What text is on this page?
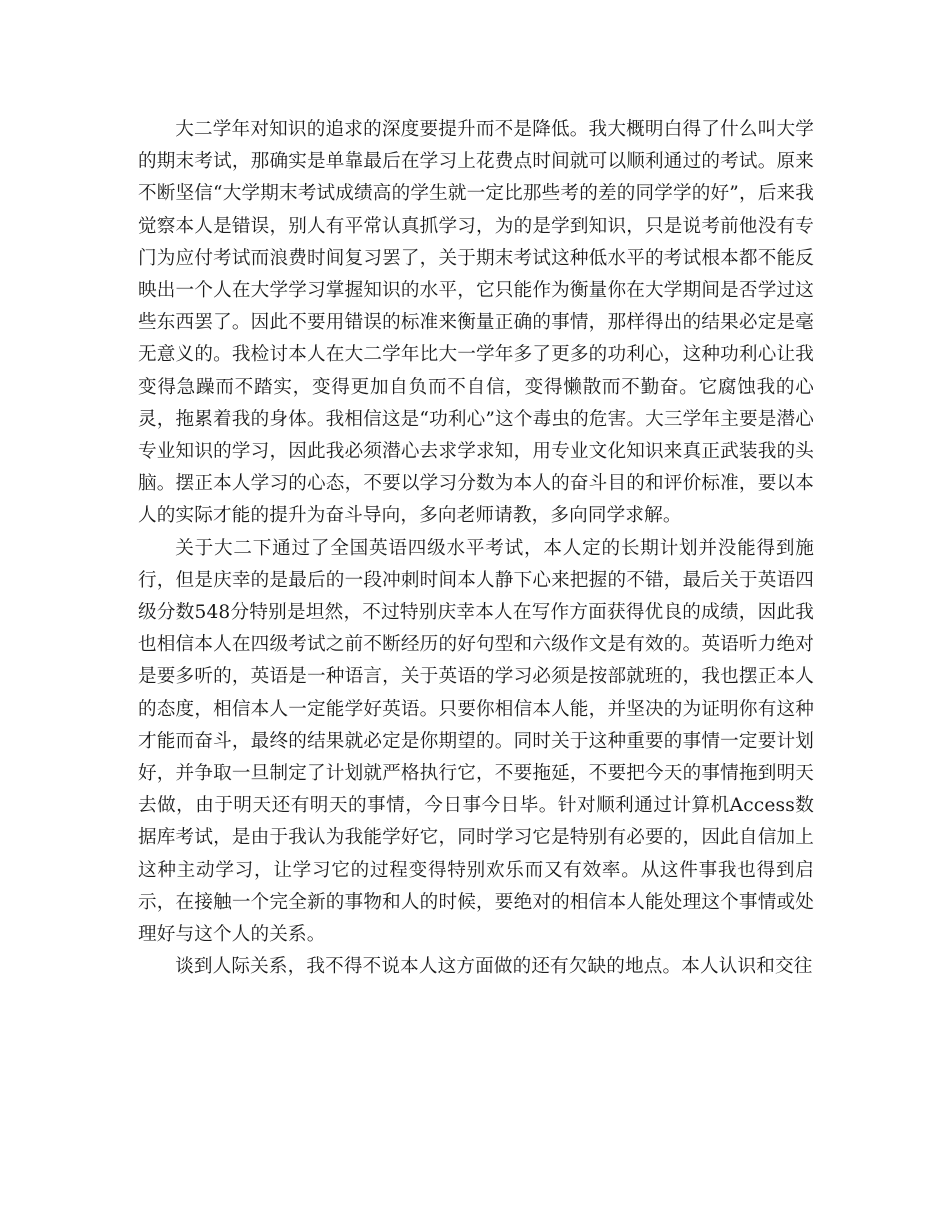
大二学年对知识的追求的深度要提升而不是降低。我大概明白得了什么叫大学的期末考试，那确实是单靠最后在学习上花费点时间就可以顺利通过的考试。原来不断坚信“大学期末考试成绩高的学生就一定比那些考的差的同学学的好”，后来我觉察本人是错误，别人有平常认真抓学习，为的是学到知识，只是说考前他没有专门为应付考试而浪费时间复习罢了，关于期末考试这种低水平的考试根本都不能反映出一个人在大学学习掌握知识的水平，它只能作为衡量你在大学期间是否学过这些东西罢了。因此不要用错误的标准来衡量正确的事情，那样得出的结果必定是毫无意义的。我检讨本人在大二学年比大一学年多了更多的功利心，这种功利心让我变得急躁而不踏实，变得更加自负而不自信，变得懒散而不勤奋。它腐蚀我的心灵，拖累着我的身体。我相信这是“功利心”这个毒虫的危害。大三学年主要是潜心专业知识的学习，因此我必须潜心去求学求知，用专业文化知识来真正武装我的头脑。摆正本人学习的心态，不要以学习分数为本人的奋斗目的和评价标准，要以本人的实际才能的提升为奋斗导向，多向老师请教，多向同学求解。

关于大二下通过了全国英语四级水平考试，本人定的长期计划并没能得到施行，但是庆幸的是最后的一段冲刺时间本人静下心来把握的不错，最后关于英语四级分数548分特别是坦然，不过特别庆幸本人在写作方面获得优良的成绩，因此我也相信本人在四级考试之前不断经历的好句型和六级作文是有效的。英语听力绝对是要多听的，英语是一种语言，关于英语的学习必须是按部就班的，我也摆正本人的态度，相信本人一定能学好英语。只要你相信本人能，并坚决的为证明你有这种才能而奋斗，最终的结果就必定是你期望的。同时关于这种重要的事情一定要计划好，并争取一旦制定了计划就严格执行它，不要拖延，不要把今天的事情拖到明天去做，由于明天还有明天的事情，今日事今日毕。针对顺利通过计算机Access数据库考试，是由于我认为我能学好它，同时学习它是特别有必要的，因此自信加上这种主动学习，让学习它的过程变得特别欢乐而又有效率。从这件事我也得到启示，在接触一个完全新的事物和人的时候，要绝对的相信本人能处理这个事情或处理好与这个人的关系。

谈到人际关系，我不得不说本人这方面做的还有欠缺的地点。本人认识和交往
